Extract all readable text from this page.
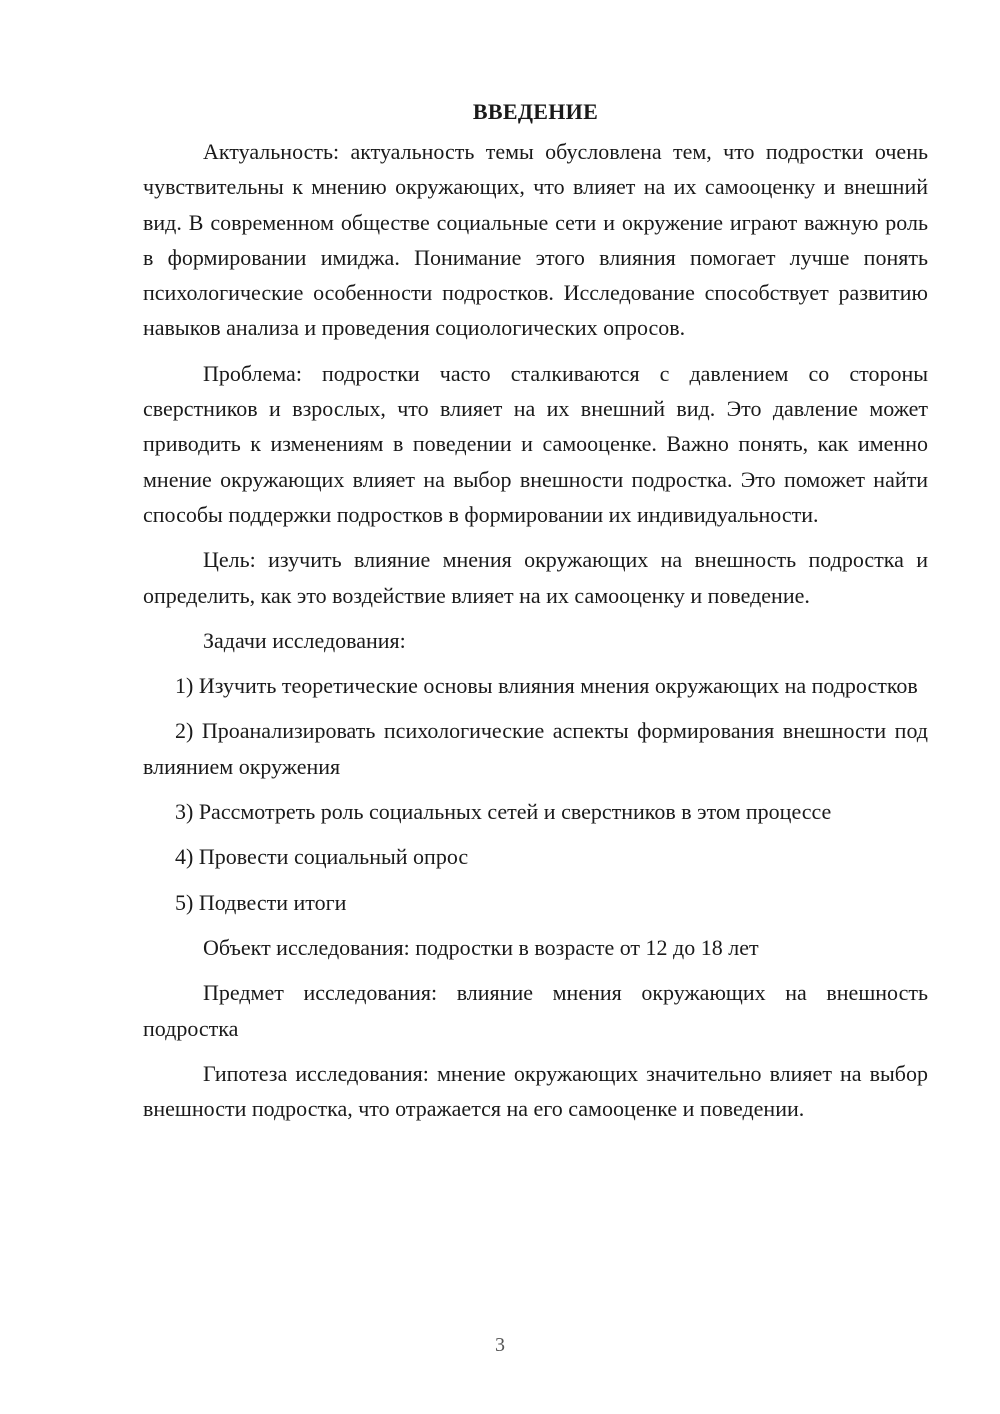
ВВЕДЕНИЕ

Актуальность: актуальность темы обусловлена тем, что подростки очень чувствительны к мнению окружающих, что влияет на их самооценку и внешний вид. В современном обществе социальные сети и окружение играют важную роль в формировании имиджа. Понимание этого влияния помогает лучше понять психологические особенности подростков. Исследование способствует развитию навыков анализа и проведения социологических опросов.

Проблема: подростки часто сталкиваются с давлением со стороны сверстников и взрослых, что влияет на их внешний вид. Это давление может приводить к изменениям в поведении и самооценке. Важно понять, как именно мнение окружающих влияет на выбор внешности подростка. Это поможет найти способы поддержки подростков в формировании их индивидуальности.

Цель: изучить влияние мнения окружающих на внешность подростка и определить, как это воздействие влияет на их самооценку и поведение.

Задачи исследования:

1) Изучить теоретические основы влияния мнения окружающих на подростков

2) Проанализировать психологические аспекты формирования внешности под влиянием окружения

3) Рассмотреть роль социальных сетей и сверстников в этом процессе

4) Провести социальный опрос

5) Подвести итоги

Объект исследования: подростки в возрасте от 12 до 18 лет

Предмет исследования: влияние мнения окружающих на внешность подростка

Гипотеза исследования: мнение окружающих значительно влияет на выбор внешности подростка, что отражается на его самооценке и поведении.

3
